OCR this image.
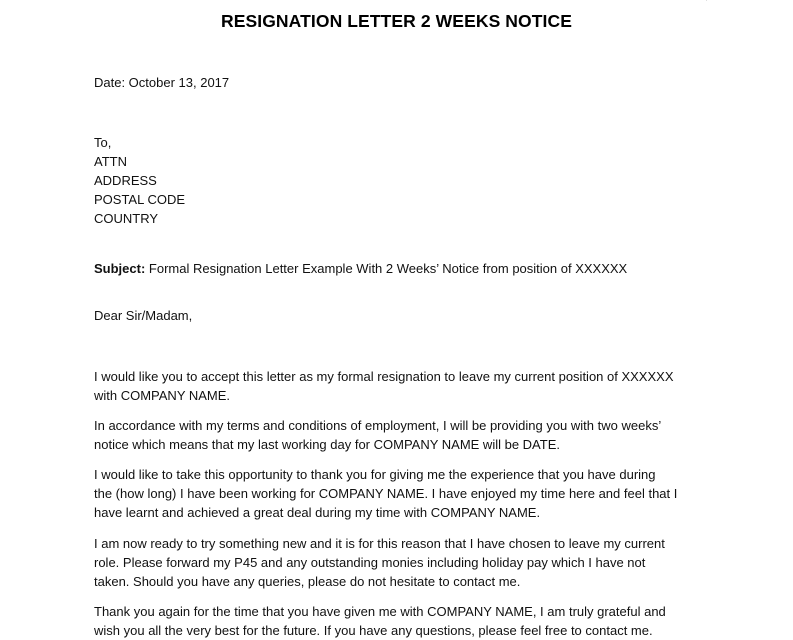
RESIGNATION LETTER 2 WEEKS NOTICE
Date: October 13, 2017
To,
ATTN
ADDRESS
POSTAL CODE
COUNTRY
Subject: Formal Resignation Letter Example With 2 Weeks’ Notice from position of XXXXXX
Dear Sir/Madam,
I would like you to accept this letter as my formal resignation to leave my current position of XXXXXX
with COMPANY NAME.
In accordance with my terms and conditions of employment, I will be providing you with two weeks’
notice which means that my last working day for COMPANY NAME will be DATE.
I would like to take this opportunity to thank you for giving me the experience that you have during
the (how long) I have been working for COMPANY NAME. I have enjoyed my time here and feel that I
have learnt and achieved a great deal during my time with COMPANY NAME.
I am now ready to try something new and it is for this reason that I have chosen to leave my current
role. Please forward my P45 and any outstanding monies including holiday pay which I have not
taken. Should you have any queries, please do not hesitate to contact me.
Thank you again for the time that you have given me with COMPANY NAME, I am truly grateful and
wish you all the very best for the future. If you have any questions, please feel free to contact me.
